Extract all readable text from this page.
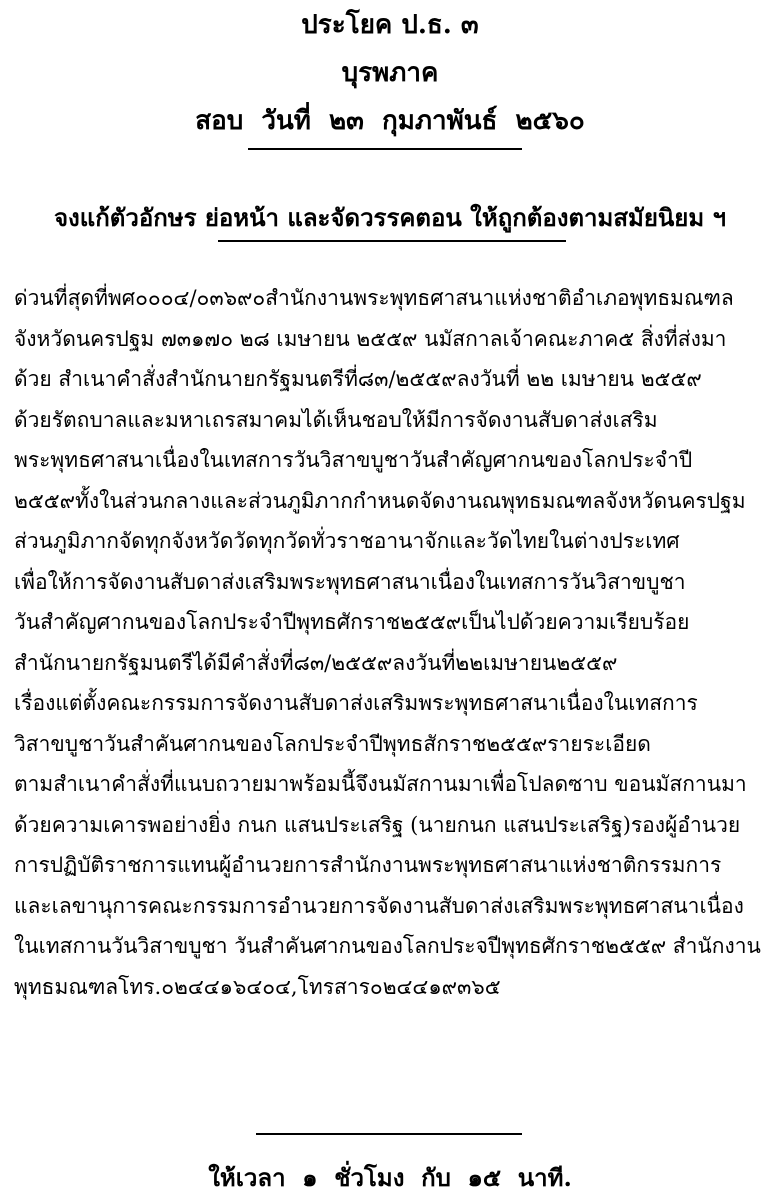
ประโยค ป.ธ. ๓
บุรพภาค
สอบ  วันที่  ๒๓  กุมภาพันธ์  ๒๕๖๐
จงแก้ตัวอักษร ย่อหน้า และจัดวรรคตอน ให้ถูกต้องตามสมัยนิยม ฯ
ด่วนที่สุดที่พศ๐๐๐๔/๐๓๖๙๐สำนักงานพระพุทธศาสนาแห่งชาติอำเภอพุทธมณฑล
จังหวัดนครปฐม ๗๓๑๗๐ ๒๘ เมษายน ๒๕๕๙ นมัสกาลเจ้าคณะภาค๕ สิ่งที่ส่งมา
ด้วย สำเนาคำสั่งสำนักนายกรัฐมนตรีที่๘๓/๒๕๕๙ลงวันที่ ๒๒ เมษายน ๒๕๕๙
ด้วยรัตถบาลและมหาเถรสมาคมได้เห็นชอบให้มีการจัดงานสับดาส่งเสริม
พระพุทธศาสนาเนื่องในเทสการวันวิสาขบูชาวันสำคัญศากนของโลกประจำปี
๒๕๕๙ทั้งในส่วนกลางและส่วนภูมิภากกำหนดจัดงานณพุทธมณฑลจังหวัดนครปฐม
ส่วนภูมิภากจัดทุกจังหวัดวัดทุกวัดทั่วราชอานาจักและวัดไทยในต่างประเทศ
เพื่อให้การจัดงานสับดาส่งเสริมพระพุทธศาสนาเนื่องในเทสการวันวิสาขบูชา
วันสำคัญศากนของโลกประจำปีพุทธศักราช๒๕๕๙เป็นไปด้วยความเรียบร้อย
สำนักนายกรัฐมนตรีได้มีคำสั่งที่๘๓/๒๕๕๙ลงวันที่๒๒เมษายน๒๕๕๙
เรื่องแต่ตั้งคณะกรรมการจัดงานสับดาส่งเสริมพระพุทธศาสนาเนื่องในเทสการ
วิสาขบูชาวันสำคันศากนของโลกประจำปีพุทธสักราช๒๕๕๙รายระเอียด
ตามสำเนาคำสั่งที่แนบถวายมาพร้อมนี้จึงนมัสกานมาเพื่อโปลดซาบ ขอนมัสกานมา
ด้วยความเคารพอย่างยิ่ง กนก แสนประเสริฐ (นายกนก แสนประเสริฐ)รองผู้อำนวย
การปฏิบัติราชการแทนผู้อำนวยการสำนักงานพระพุทธศาสนาแห่งชาติกรรมการ
และเลขานุการคณะกรรมการอำนวยการจัดงานสับดาส่งเสริมพระพุทธศาสนาเนื่อง
ในเทสกานวันวิสาขบูชา วันสำคันศากนของโลกประจปีพุทธศักราช๒๕๕๙ สำนักงาน
พุทธมณฑลโทร.๐๒๔๔๑๖๔๐๔,โทรสาร๐๒๔๔๑๙๓๖๕
ให้เวลา  ๑  ชั่วโมง  กับ  ๑๕  นาที.
